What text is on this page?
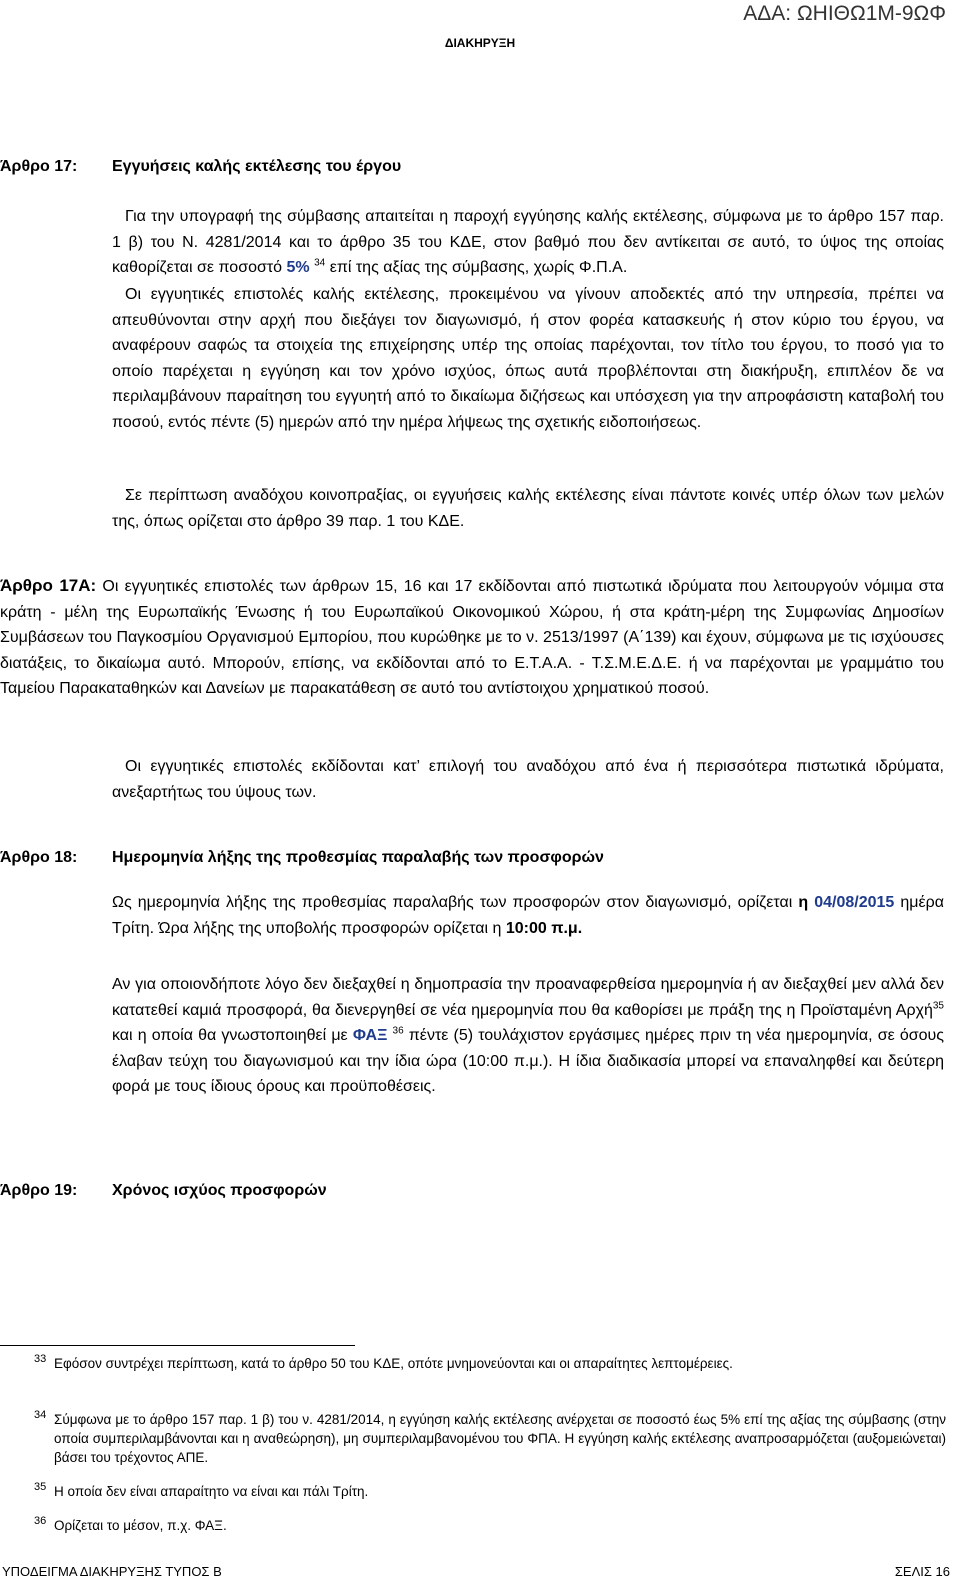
ΑΔΑ: ΩΗΙΘΩ1Μ-9ΩΦ
ΔΙΑΚΗΡΥΞΗ
Άρθρο 17: Εγγυήσεις καλής εκτέλεσης του έργου
Για την υπογραφή της σύμβασης απαιτείται η παροχή εγγύησης καλής εκτέλεσης, σύμφωνα με το άρθρο 157 παρ. 1 β) του Ν. 4281/2014 και το άρθρο 35 του ΚΔΕ, στον βαθμό που δεν αντίκειται σε αυτό, το ύψος της οποίας καθορίζεται σε ποσοστό 5% $^{34}$ επί της αξίας της σύμβασης, χωρίς Φ.Π.Α.
Οι εγγυητικές επιστολές καλής εκτέλεσης, προκειμένου να γίνουν αποδεκτές από την υπηρεσία, πρέπει να απευθύνονται στην αρχή που διεξάγει τον διαγωνισμό, ή στον φορέα κατασκευής ή στον κύριο του έργου, να αναφέρουν σαφώς τα στοιχεία της επιχείρησης υπέρ της οποίας παρέχονται, τον τίτλο του έργου, το ποσό για το οποίο παρέχεται η εγγύηση και τον χρόνο ισχύος, όπως αυτά προβλέπονται στη διακήρυξη, επιπλέον δε να περιλαμβάνουν παραίτηση του εγγυητή από το δικαίωμα διζήσεως και υπόσχεση για την απροφάσιστη καταβολή του ποσού, εντός πέντε (5) ημερών από την ημέρα λήψεως της σχετικής ειδοποιήσεως.
Σε περίπτωση αναδόχου κοινοπραξίας, οι εγγυήσεις καλής εκτέλεσης είναι πάντοτε κοινές υπέρ όλων των μελών της, όπως ορίζεται στο άρθρο 39 παρ. 1 του ΚΔΕ.
Άρθρο 17Α: Οι εγγυητικές επιστολές των άρθρων 15, 16 και 17 εκδίδονται από πιστωτικά ιδρύματα που λειτουργούν νόμιμα στα κράτη - μέλη της Ευρωπαϊκής Ένωσης ή του Ευρωπαϊκού Οικονομικού Χώρου, ή στα κράτη-μέρη της Συμφωνίας Δημοσίων Συμβάσεων του Παγκοσμίου Οργανισμού Εμπορίου, που κυρώθηκε με το ν. 2513/1997 (Α΄139) και έχουν, σύμφωνα με τις ισχύουσες διατάξεις, το δικαίωμα αυτό. Μπορούν, επίσης, να εκδίδονται από το Ε.Τ.Α.Α. - Τ.Σ.Μ.Ε.Δ.Ε. ή να παρέχονται με γραμμάτιο του Ταμείου Παρακαταθηκών και Δανείων με παρακατάθεση σε αυτό του αντίστοιχου χρηματικού ποσού.
Οι εγγυητικές επιστολές εκδίδονται κατ’ επιλογή του αναδόχου από ένα ή περισσότερα πιστωτικά ιδρύματα, ανεξαρτήτως του ύψους των.
Άρθρο 18: Ημερομηνία λήξης της προθεσμίας παραλαβής των προσφορών
Ως ημερομηνία λήξης της προθεσμίας παραλαβής των προσφορών στον διαγωνισμό, ορίζεται η 04/08/2015 ημέρα Τρίτη. Ώρα λήξης της υποβολής προσφορών ορίζεται η 10:00 π.μ.
Αν για οποιονδήποτε λόγο δεν διεξαχθεί η δημοπρασία την προαναφερθείσα ημερομηνία ή αν διεξαχθεί μεν αλλά δεν κατατεθεί καμιά προσφορά, θα διενεργηθεί σε νέα ημερομηνία που θα καθορίσει με πράξη της η Προϊσταμένη Αρχή$^{35}$ και η οποία θα γνωστοποιηθεί με ΦΑΞ $^{36}$ πέντε (5) τουλάχιστον εργάσιμες ημέρες πριν τη νέα ημερομηνία, σε όσους έλαβαν τεύχη του διαγωνισμού και την ίδια ώρα (10:00 π.μ.). Η ίδια διαδικασία μπορεί να επαναληφθεί και δεύτερη φορά με τους ίδιους όρους και προϋποθέσεις.
Άρθρο 19: Χρόνος ισχύος προσφορών
33 Εφόσον συντρέχει περίπτωση, κατά το άρθρο 50 του ΚΔΕ, οπότε μνημονεύονται και οι απαραίτητες λεπτομέρειες.
34 Σύμφωνα με το άρθρο 157 παρ. 1 β) του ν. 4281/2014, η εγγύηση καλής εκτέλεσης ανέρχεται σε ποσοστό έως 5% επί της αξίας της σύμβασης (στην οποία συμπεριλαμβάνονται και η αναθεώρηση), μη συμπεριλαμβανομένου του ΦΠΑ. Η εγγύηση καλής εκτέλεσης αναπροσαρμόζεται (αυξομειώνεται) βάσει του τρέχοντος ΑΠΕ.
35 Η οποία δεν είναι απαραίτητο να είναι και πάλι Τρίτη.
36 Ορίζεται το μέσον, π.χ. ΦΑΞ.
ΥΠΟΔΕΙΓΜΑ ΔΙΑΚΗΡΥΞΗΣ ΤΥΠΟΣ Β	ΣΕΛΙΣ 16
